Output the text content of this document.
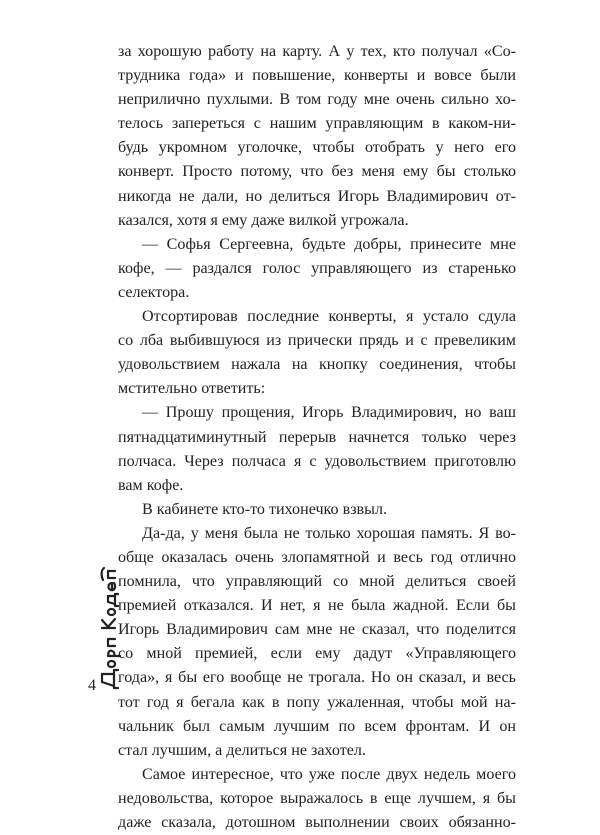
за хорошую работу на карту. А у тех, кто получал «Со-
трудника года» и повышение, конверты и вовсе были
неприлично пухлыми. В том году мне очень сильно хо-
телось запереться с нашим управляющим в каком-ни-
будь укромном уголочке, чтобы отобрать у него его
конверт. Просто потому, что без меня ему бы столько
никогда не дали, но делиться Игорь Владимирович от-
казался, хотя я ему даже вилкой угрожала.
— Софья Сергеевна, будьте добры, принесите мне
кофе, — раздался голос управляющего из старенько
селектора.
Отсортировав последние конверты, я устало сдула
со лба выбившуюся из прически прядь и с превеликим
удовольствием нажала на кнопку соединения, чтобы
мстительно ответить:
— Прошу прощения, Игорь Владимирович, но ваш
пятнадцатиминутный перерыв начнется только через
полчаса. Через полчаса я с удовольствием приготовлю
вам кофе.
В кабинете кто-то тихонечко взвыл.
Да-да, у меня была не только хорошая память. Я во-
обще оказалась очень злопамятной и весь год отлично
помнила, что управляющий со мной делиться своей
премией отказался. И нет, я не была жадной. Если бы
Игорь Владимирович сам мне не сказал, что поделится
со мной премией, если ему дадут «Управляющего
года», я бы его вообще не трогала. Но он сказал, и весь
тот год я бегала как в попу ужаленная, чтобы мой на-
чальник был самым лучшим по всем фронтам. И он
стал лучшим, а делиться не захотел.
Самое интересное, что уже после двух недель моего
недовольства, которое выражалось в еще лучшем, я бы
даже сказала, дотошном выполнении своих обязанно-
4
